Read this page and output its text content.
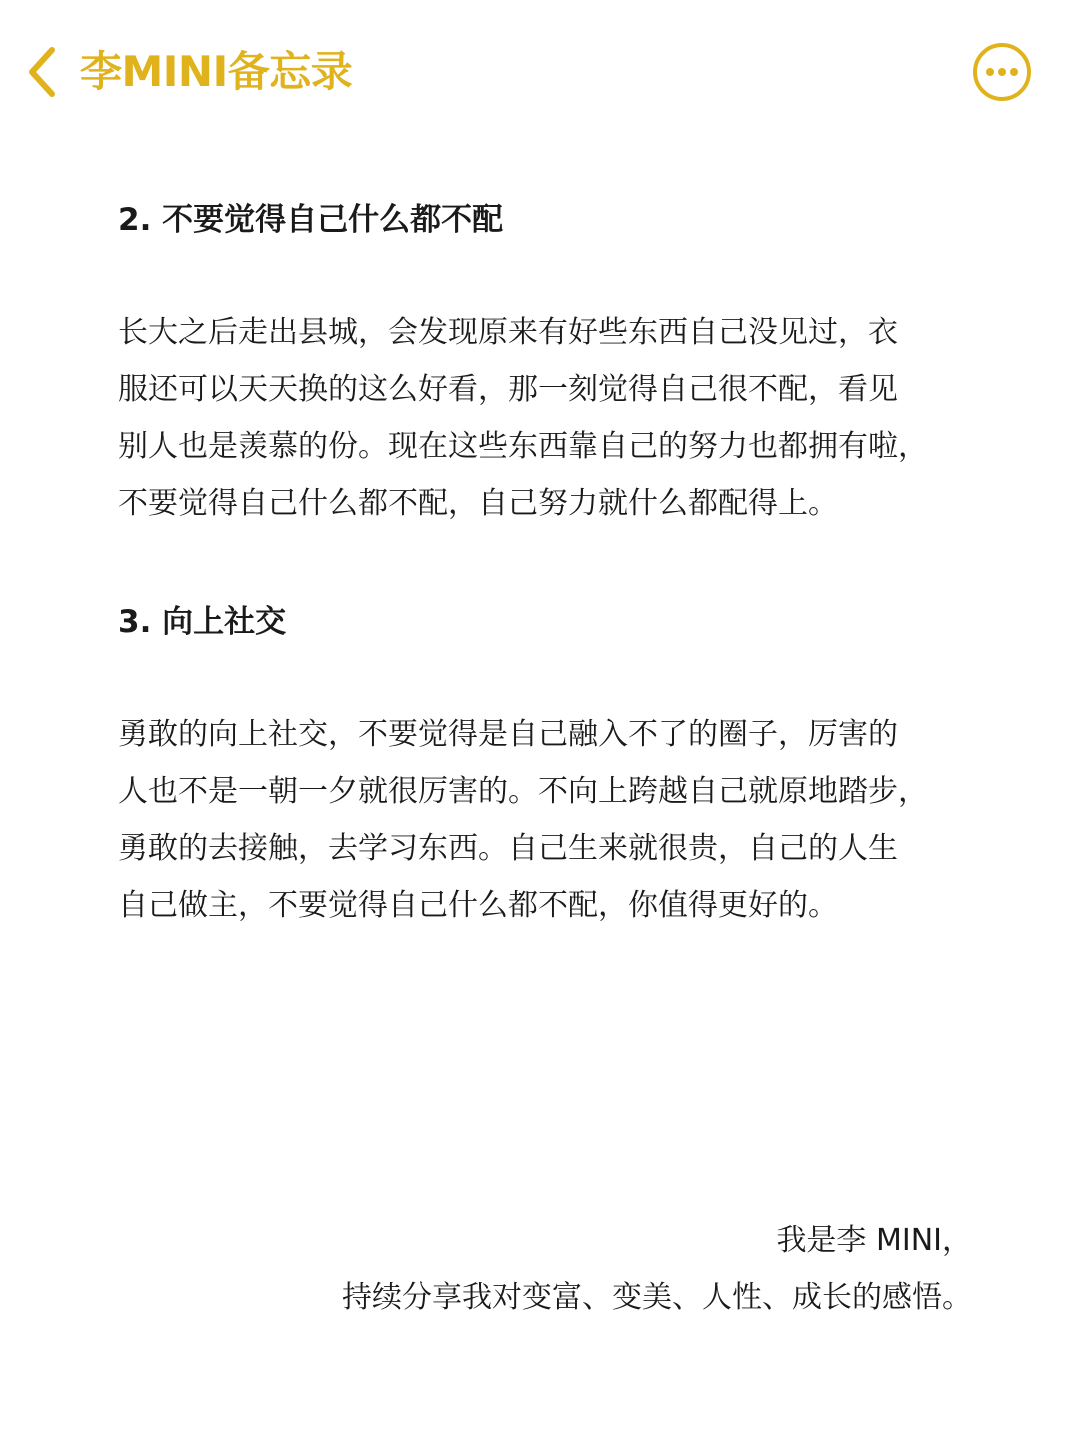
李MINI备忘录
2. 不要觉得自己什么都不配

长大之后走出县城，会发现原来有好些东西自己没见过，衣
服还可以天天换的这么好看，那一刻觉得自己很不配，看见
别人也是羡慕的份。现在这些东西靠自己的努力也都拥有啦，
不要觉得自己什么都不配，自己努力就什么都配得上。

3. 向上社交

勇敢的向上社交，不要觉得是自己融入不了的圈子，厉害的
人也不是一朝一夕就很厉害的。不向上跨越自己就原地踏步，
勇敢的去接触，去学习东西。自己生来就很贵，自己的人生
自己做主，不要觉得自己什么都不配，你值得更好的。

我是李 MINI，
持续分享我对变富、变美、人性、成长的感悟。
